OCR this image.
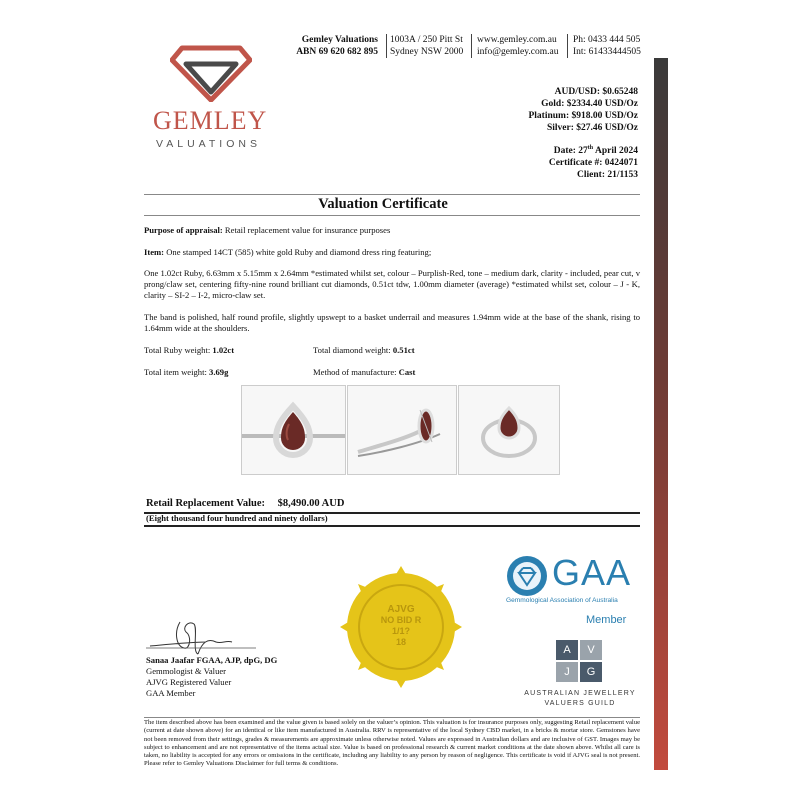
GEMLEY
VALUATIONS
Gemley Valuations
ABN 69 620 682 895
1003A / 250 Pitt St
Sydney NSW 2000
www.gemley.com.au
info@gemley.com.au
Ph: 0433 444 505
Int: 61433444505
AUD/USD: $0.65248
Gold: $2334.40 USD/Oz
Platinum: $918.00 USD/Oz
Silver: $27.46 USD/Oz
Date: 27th April 2024
Certificate #: 0424071
Client: 21/1153
Valuation Certificate
Purpose of appraisal: Retail replacement value for insurance purposes
Item: One stamped 14CT (585) white gold Ruby and diamond dress ring featuring;
One 1.02ct Ruby, 6.63mm x 5.15mm x 2.64mm *estimated whilst set, colour – Purplish-Red, tone – medium dark, clarity - included, pear cut, v prong/claw set, centering fifty-nine round brilliant cut diamonds, 0.51ct tdw, 1.00mm diameter (average) *estimated whilst set, colour – J - K, clarity – SI-2 – I-2, micro-claw set.
The band is polished, half round profile, slightly upswept to a basket underrail and measures 1.94mm wide at the base of the shank, rising to 1.64mm wide at the shoulders.
Total Ruby weight: 1.02ct	Total diamond weight: 0.51ct
Total item weight: 3.69g	Method of manufacture: Cast
Retail Replacement Value: $8,490.00 AUD
(Eight thousand four hundred and ninety dollars)
AJVG
NO BID R
1/1?
18
Sanaa Jaafar FGAA, AJP, dpG, DG
Gemmologist & Valuer
AJVG Registered Valuer
GAA Member
GAA
Gemmological Association of Australia
Member
A	V
J	G
AUSTRALIAN JEWELLERY
VALUERS GUILD
The item described above has been examined and the value given is based solely on the valuer’s opinion. This valuation is for insurance purposes only, suggesting Retail replacement value (current at date shown above) for an identical or like item manufactured in Australia. RRV is representative of the local Sydney CBD market, in a bricks & mortar store. Gemstones have not been removed from their settings, grades & measurements are approximate unless otherwise noted. Values are expressed in Australian dollars and are inclusive of GST. Images may be subject to enhancement and are not representative of the items actual size. Value is based on professional research & current market conditions at the date shown above. Whilst all care is taken, no liability is accepted for any errors or omissions in the certificate, including any liability to any person by reason of negligence. This certificate is void if AJVG seal is not present. Please refer to Gemley Valuations Disclaimer for full terms & conditions.
